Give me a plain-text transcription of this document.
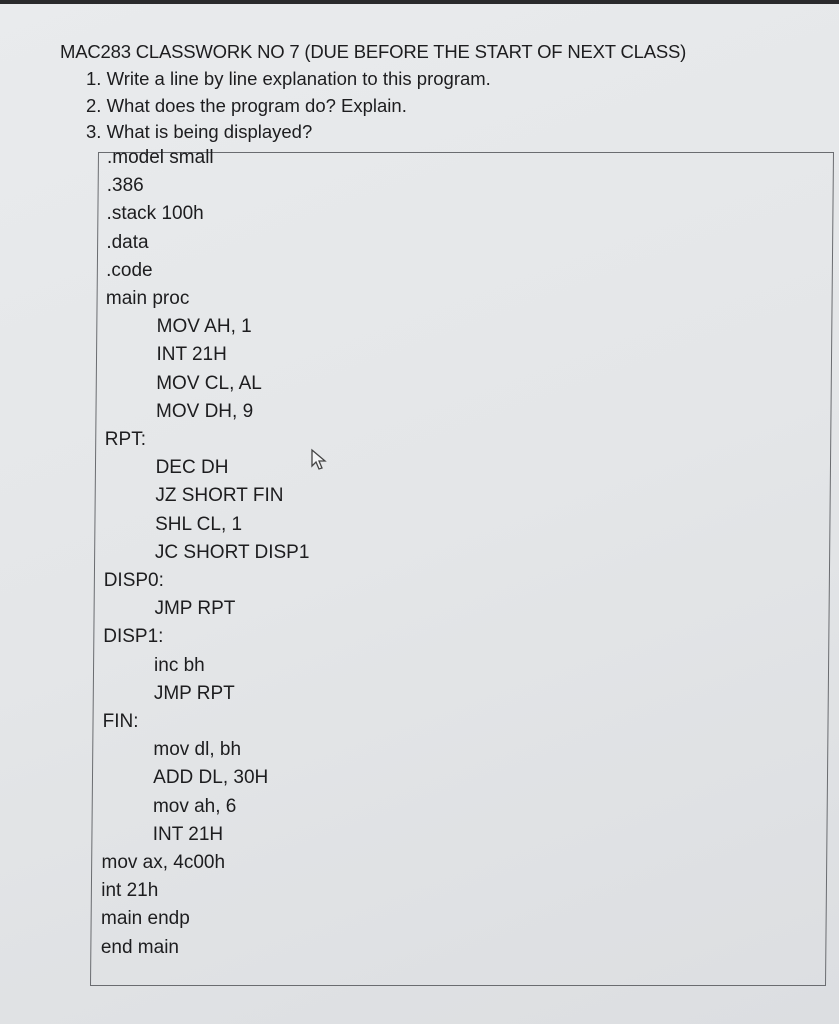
MAC283 CLASSWORK NO 7 (DUE BEFORE THE START OF NEXT CLASS)
1. Write a line by line explanation to this program.
2. What does the program do? Explain.
3. What is being displayed?
.model small
.386
.stack 100h
.data
.code
main proc
MOV AH, 1
INT 21H
MOV CL, AL
MOV DH, 9
RPT:
DEC DH
JZ SHORT FIN
SHL CL, 1
JC SHORT DISP1
DISP0:
JMP RPT
DISP1:
inc bh
JMP RPT
FIN:
mov dl, bh
ADD DL, 30H
mov ah, 6
INT 21H
mov ax, 4c00h
int 21h
main endp
end main
